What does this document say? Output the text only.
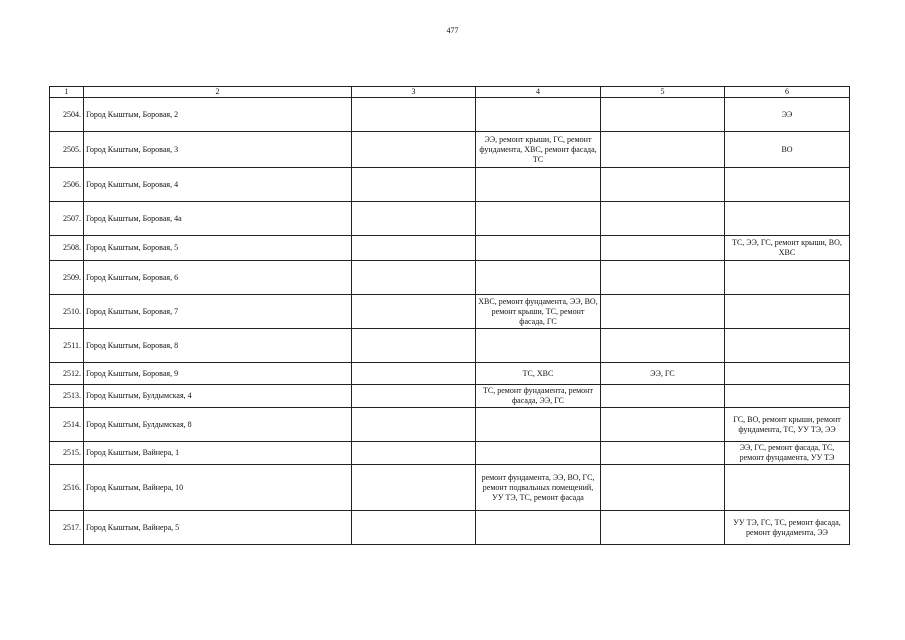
477
1	2	3	4	5	6
2504.	Город Кыштым, Боровая, 2				ЭЭ
2505.	Город Кыштым, Боровая, 3		ЭЭ, ремонт крыши, ГС, ремонт фундамента, ХВС, ремонт фасада, ТС		ВО
2506.	Город Кыштым, Боровая, 4				
2507.	Город Кыштым, Боровая, 4а				
2508.	Город Кыштым, Боровая, 5				ТС, ЭЭ, ГС, ремонт крыши, ВО, ХВС
2509.	Город Кыштым, Боровая, 6				
2510.	Город Кыштым, Боровая, 7		ХВС, ремонт фундамента, ЭЭ, ВО, ремонт крыши, ТС, ремонт фасада, ГС		
2511.	Город Кыштым, Боровая, 8				
2512.	Город Кыштым, Боровая, 9		ТС, ХВС	ЭЭ, ГС	
2513.	Город Кыштым, Булдымская, 4		ТС, ремонт фундамента, ремонт фасада, ЭЭ, ГС		
2514.	Город Кыштым, Булдымская, 8				ГС, ВО, ремонт крыши, ремонт фундамента, ТС, УУ ТЭ, ЭЭ
2515.	Город Кыштым, Вайнера, 1				ЭЭ, ГС, ремонт фасада, ТС, ремонт фундамента, УУ ТЭ
2516.	Город Кыштым, Вайнера, 10		ремонт фундамента, ЭЭ, ВО, ГС, ремонт подвальных помещений, УУ ТЭ, ТС, ремонт фасада		
2517.	Город Кыштым, Вайнера, 5				УУ ТЭ, ГС, ТС, ремонт фасада, ремонт фундамента, ЭЭ
